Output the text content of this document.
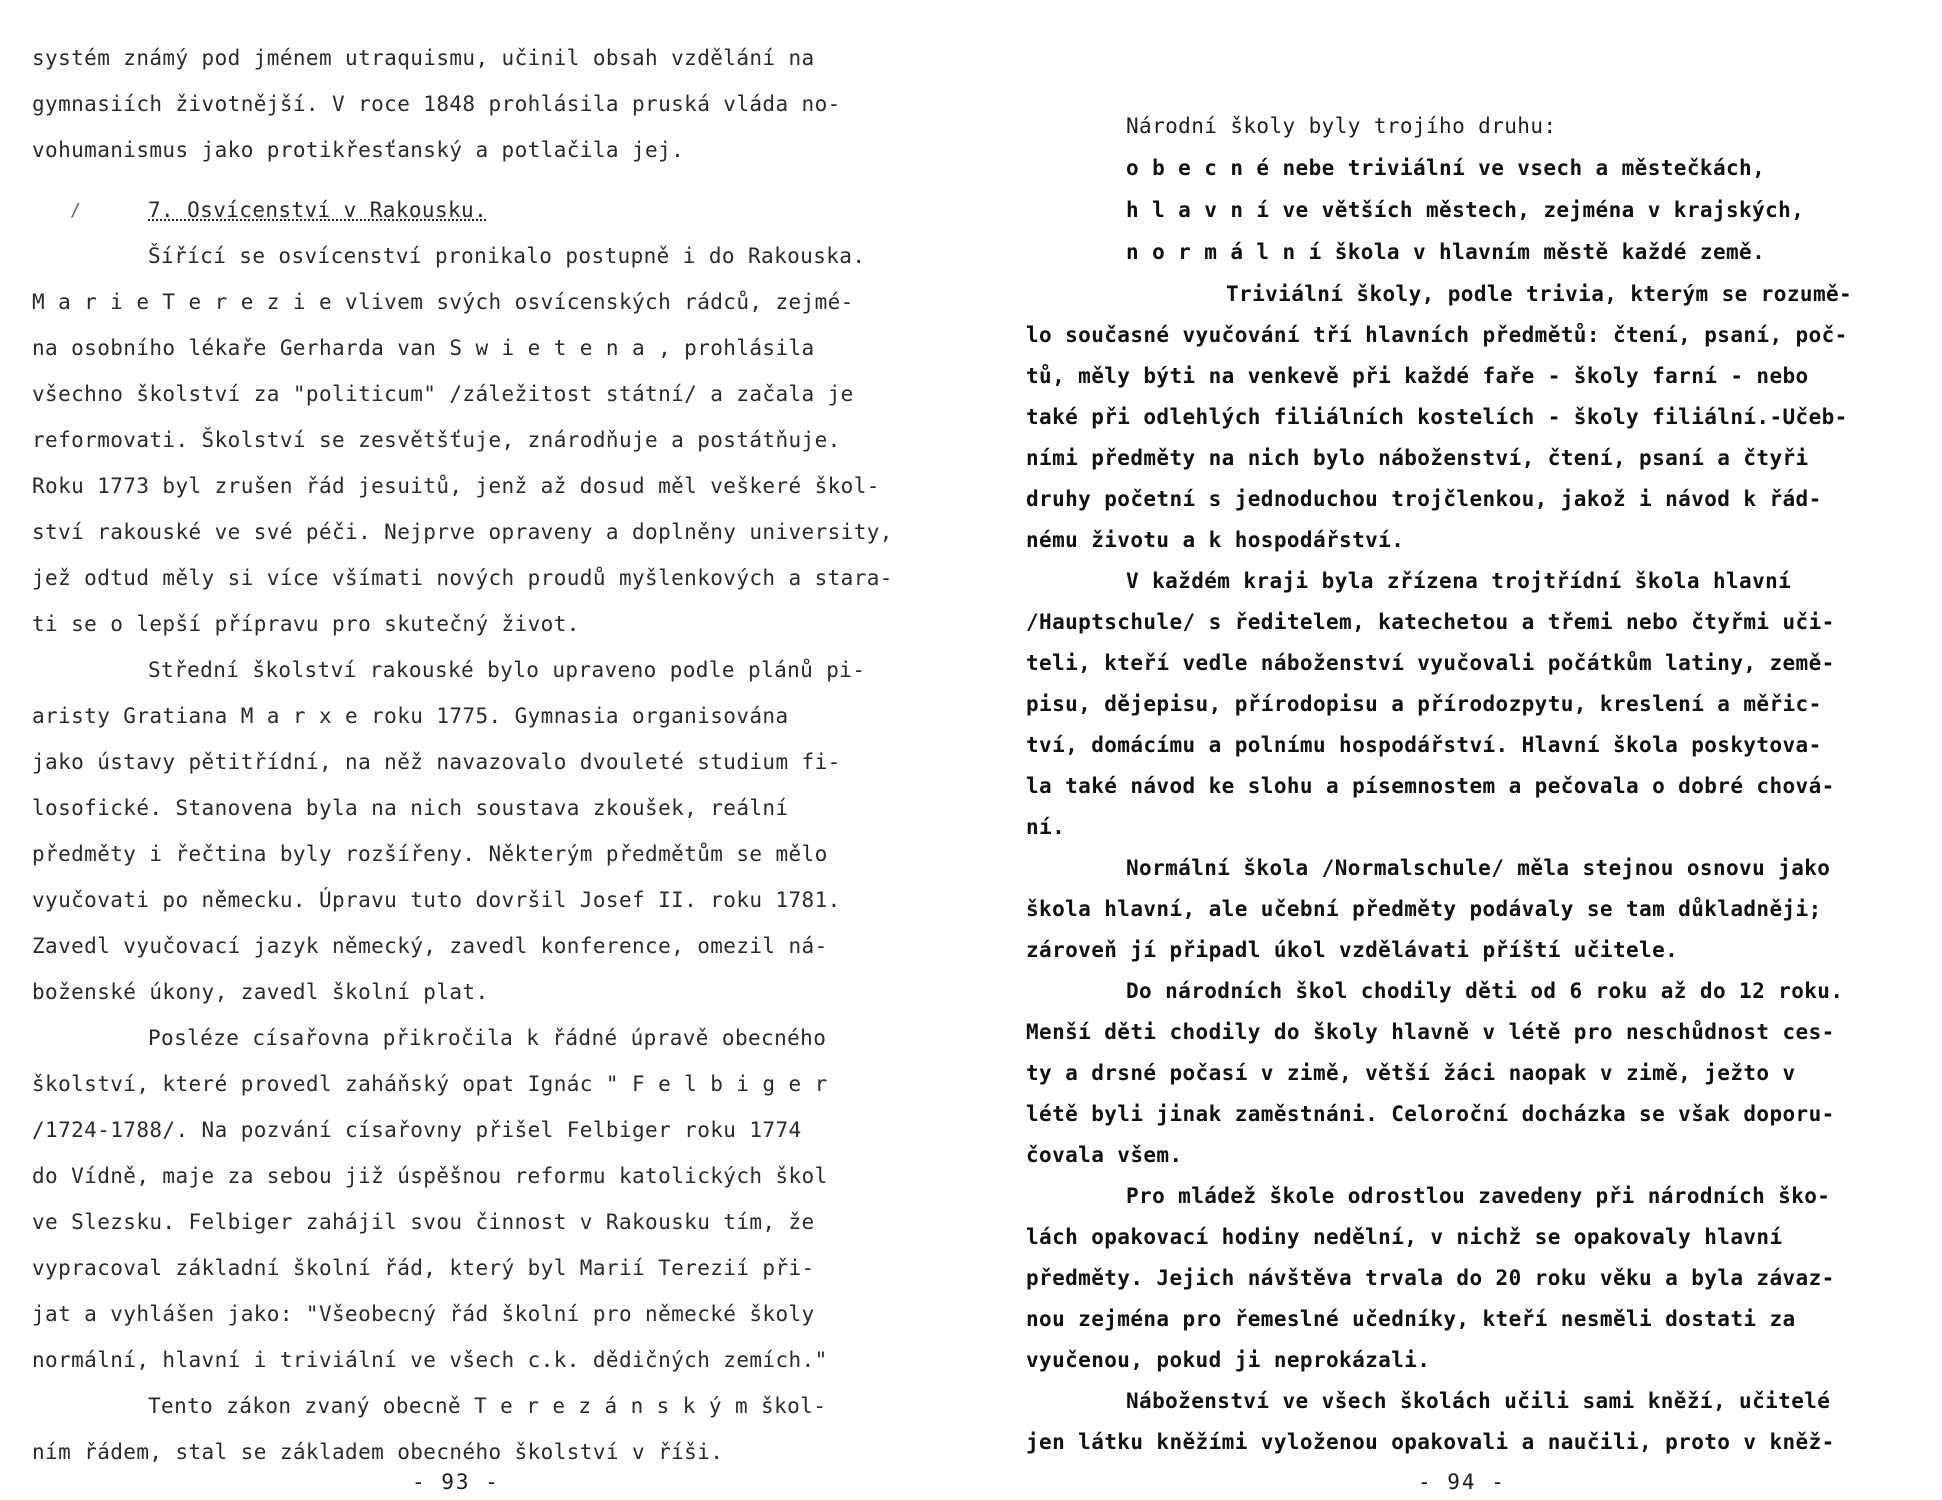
/
systém známý pod jménem utraquismu, učinil obsah vzdělání na
gymnasiích životnější. V roce 1848 prohlásila pruská vláda no-
vohumanismus jako protikřesťanský a potlačila jej.
7. Osvícenství v Rakousku.
Šířící se osvícenství pronikalo postupně i do Rakouska.
M a r i e T e r e z i e vlivem svých osvícenských rádců, zejmé-
na osobního lékaře Gerharda van S w i e t e n a , prohlásila
všechno školství za "politicum" /záležitost státní/ a začala je
reformovati. Školství se zesvětšťuje, znárodňuje a postátňuje.
Roku 1773 byl zrušen řád jesuitů, jenž až dosud měl veškeré škol-
ství rakouské ve své péči. Nejprve opraveny a doplněny university,
jež odtud měly si více všímati nových proudů myšlenkových a stara-
ti se o lepší přípravu pro skutečný život.
Střední školství rakouské bylo upraveno podle plánů pi-
aristy Gratiana M a r x e roku 1775. Gymnasia organisována
jako ústavy pětitřídní, na něž navazovalo dvouleté studium fi-
losofické. Stanovena byla na nich soustava zkoušek, reální
předměty i řečtina byly rozšířeny. Některým předmětům se mělo
vyučovati po německu. Úpravu tuto dovršil Josef II. roku 1781.
Zavedl vyučovací jazyk německý, zavedl konference, omezil ná-
boženské úkony, zavedl školní plat.
Posléze císařovna přikročila k řádné úpravě obecného
školství, které provedl zaháňský opat Ignác " F e l b i g e r
/1724-1788/. Na pozvání císařovny přišel Felbiger roku 1774
do Vídně, maje za sebou již úspěšnou reformu katolických škol
ve Slezsku. Felbiger zahájil svou činnost v Rakousku tím, že
vypracoval základní školní řád, který byl Marií Terezií při-
jat a vyhlášen jako: "Všeobecný řád školní pro německé školy
normální, hlavní i triviální ve všech c.k. dědičných zemích."
Tento zákon zvaný obecně T e r e z á n s k ý m škol-
ním řádem, stal se základem obecného školství v říši.
- 93 -
Národní školy byly trojího druhu:
o b e c n é nebe triviální ve vsech a městečkách,
h l a v n í ve větších městech, zejména v krajských,
n o r m á l n í škola v hlavním městě každé země.
Triviální školy, podle trivia, kterým se rozumě-
lo současné vyučování tří hlavních předmětů: čtení, psaní, poč-
tů, měly býti na venkevě při každé faře - školy farní - nebo
také při odlehlých filiálních kostelích - školy filiální.-Učeb-
ními předměty na nich bylo náboženství, čtení, psaní a čtyři
druhy početní s jednoduchou trojčlenkou, jakož i návod k řád-
nému životu a k hospodářství.
V každém kraji byla zřízena trojtřídní škola hlavní
/Hauptschule/ s ředitelem, katechetou a třemi nebo čtyřmi uči-
teli, kteří vedle náboženství vyučovali počátkům latiny, země-
pisu, dějepisu, přírodopisu a přírodozpytu, kreslení a měřic-
tví, domácímu a polnímu hospodářství. Hlavní škola poskytova-
la také návod ke slohu a písemnostem a pečovala o dobré chová-
ní.
Normální škola /Normalschule/ měla stejnou osnovu jako
škola hlavní, ale učební předměty podávaly se tam důkladněji;
zároveň jí připadl úkol vzdělávati příští učitele.
Do národních škol chodily děti od 6 roku až do 12 roku.
Menší děti chodily do školy hlavně v létě pro neschůdnost ces-
ty a drsné počasí v zimě, větší žáci naopak v zimě, ježto v
létě byli jinak zaměstnáni. Celoroční docházka se však doporu-
čovala všem.
Pro mládež škole odrostlou zavedeny při národních ško-
lách opakovací hodiny nedělní, v nichž se opakovaly hlavní
předměty. Jejich návštěva trvala do 20 roku věku a byla závaz-
nou zejména pro řemeslné učedníky, kteří nesměli dostati za
vyučenou, pokud ji neprokázali.
Náboženství ve všech školách učili sami kněží, učitelé
jen látku kněžími vyloženou opakovali a naučili, proto v kněž-
- 94 -
